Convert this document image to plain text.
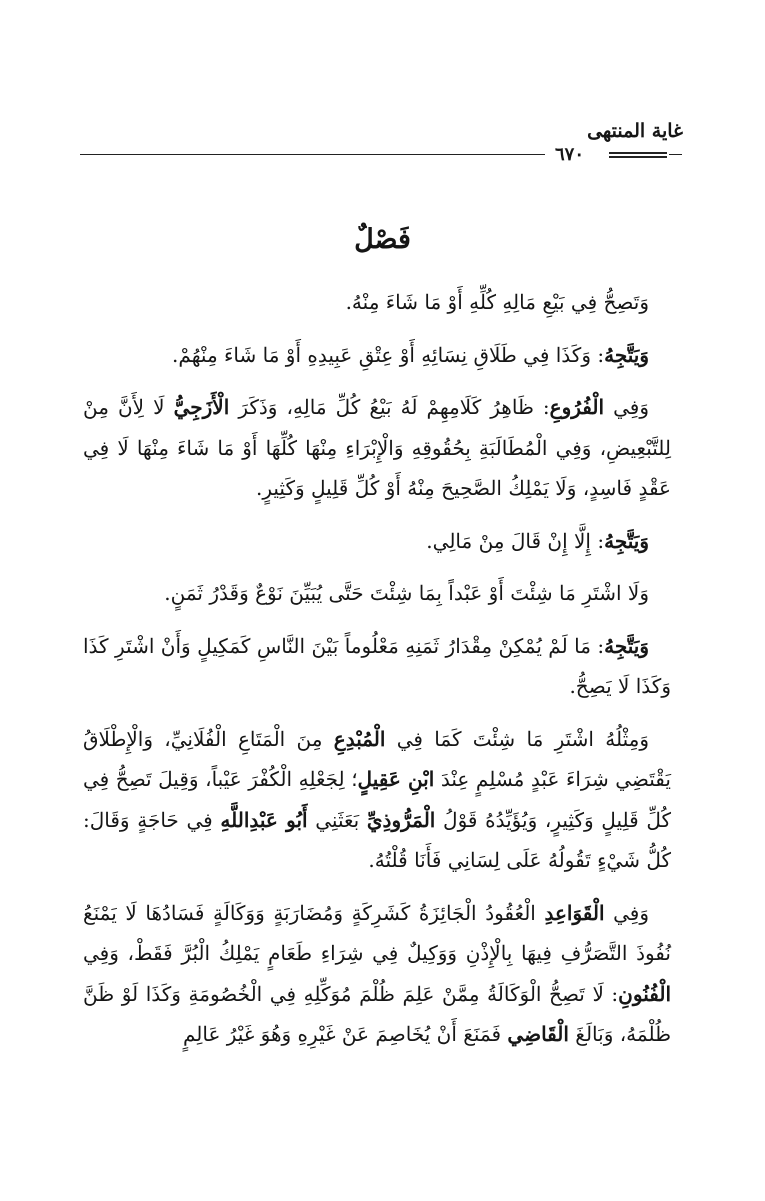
غاية المنتهى
٦٧٠
فَصْلٌ

وَتَصِحُّ فِي بَيْعِ مَالِهِ كُلِّهِ أَوْ مَا شَاءَ مِنْهُ.

وَيَتَّجِهُ: وَكَذَا فِي طَلَاقِ نِسَائِهِ أَوْ عِتْقِ عَبِيدِهِ أَوْ مَا شَاءَ مِنْهُمْ.

وَفِي الْفُرُوعِ: ظَاهِرُ كَلَامِهِمْ لَهُ بَيْعُ كُلِّ مَالِهِ، وَذَكَرَ الْأَزَجِيُّ لَا لِأَنَّ مِنْ لِلتَّبْعِيضِ، وَفِي الْمُطَالَبَةِ بِحُقُوقِهِ وَالْإِبْرَاءِ مِنْهَا كُلِّهَا أَوْ مَا شَاءَ مِنْهَا لَا فِي عَقْدٍ فَاسِدٍ، وَلَا يَمْلِكُ الصَّحِيحَ مِنْهُ أَوْ كُلِّ قَلِيلٍ وَكَثِيرٍ.

وَيَتَّجِهُ: إِلَّا إِنْ قَالَ مِنْ مَالِي.

وَلَا اشْتَرِ مَا شِئْتَ أَوْ عَبْداً بِمَا شِئْتَ حَتَّى يُبَيِّنَ نَوْعٌ وَقَدْرُ ثَمَنٍ.

وَيَتَّجِهُ: مَا لَمْ يُمْكِنْ مِقْدَارُ ثَمَنِهِ مَعْلُوماً بَيْنَ النَّاسِ كَمَكِيلٍ وَأَنْ اشْتَرِ كَذَا وَكَذَا لَا يَصِحُّ.

وَمِثْلُهُ اشْتَرِ مَا شِئْتَ كَمَا فِي الْمُبْدِعِ مِنَ الْمَتَاعِ الْفُلَانِيِّ، وَالْإِطْلَاقُ يَقْتَضِي شِرَاءَ عَبْدٍ مُسْلِمٍ عِنْدَ ابْنِ عَقِيلٍ؛ لِجَعْلِهِ الْكُفْرَ عَيْباً، وَقِيلَ تَصِحُّ فِي كُلِّ قَلِيلٍ وَكَثِيرٍ، وَيُؤَيِّدُهُ قَوْلُ الْمَرُّوذِيِّ بَعَثَنِي أَبُو عَبْدِاللَّهِ فِي حَاجَةٍ وَقَالَ: كُلُّ شَيْءٍ تَقُولُهُ عَلَى لِسَانِي فَأَنَا قُلْتُهُ.

وَفِي الْقَوَاعِدِ الْعُقُودُ الْجَائِزَةُ كَشَرِكَةٍ وَمُضَارَبَةٍ وَوَكَالَةٍ فَسَادُهَا لَا يَمْنَعُ نُفُوذَ التَّصَرُّفِ فِيهَا بِالْإِذْنِ وَوَكِيلٌ فِي شِرَاءِ طَعَامٍ يَمْلِكُ الْبُرَّ فَقَطْ، وَفِي الْفُنُونِ: لَا تَصِحُّ الْوَكَالَةُ مِمَّنْ عَلِمَ ظُلْمَ مُوَكِّلِهِ فِي الْخُصُومَةِ وَكَذَا لَوْ ظَنَّ ظُلْمَهُ، وَبَالَغَ الْقَاضِي فَمَنَعَ أَنْ يُخَاصِمَ عَنْ غَيْرِهِ وَهُوَ غَيْرُ عَالِمٍ
